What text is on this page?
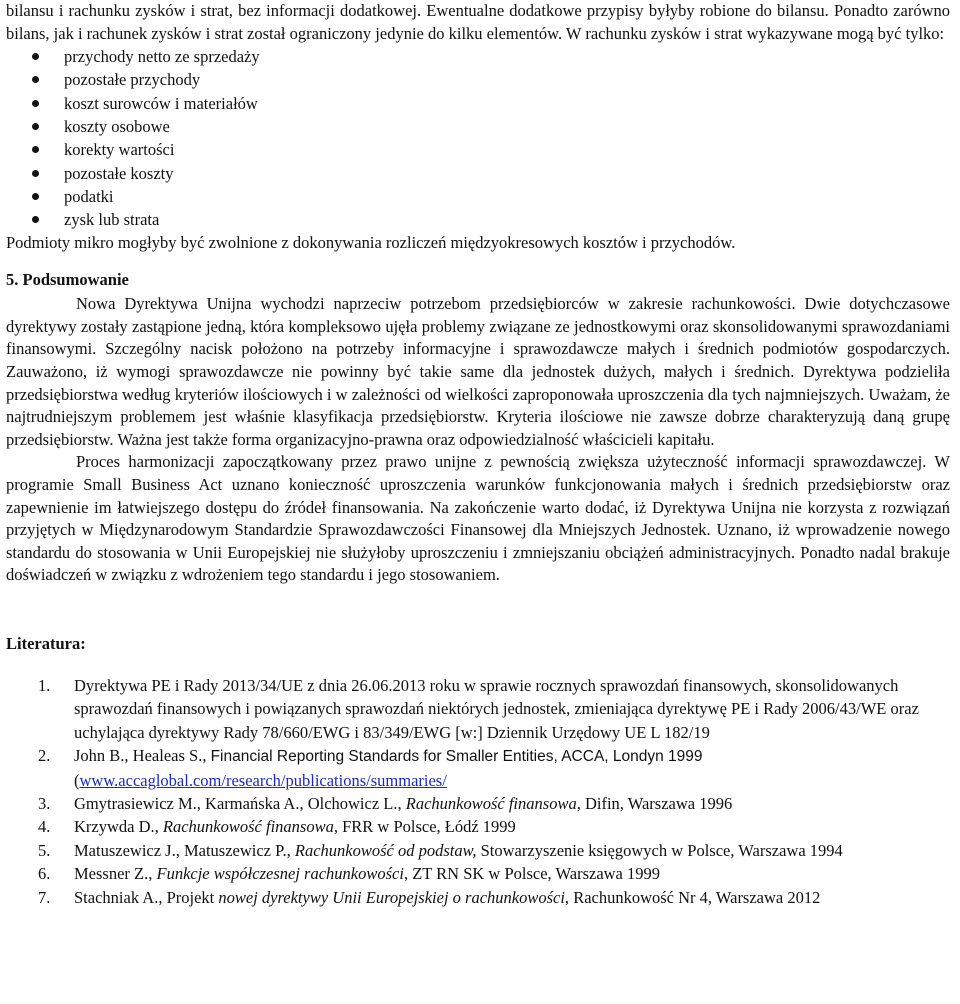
bilansu i rachunku zysków i strat, bez informacji dodatkowej. Ewentualne dodatkowe przypisy byłyby robione do bilansu. Ponadto zarówno bilans, jak i rachunek zysków i strat został ograniczony jedynie do kilku elementów. W rachunku zysków i strat wykazywane mogą być tylko:

przychody netto ze sprzedaży
pozostałe przychody
koszt surowców i materiałów
koszty osobowe
korekty wartości
pozostałe koszty
podatki
zysk lub strata

Podmioty mikro mogłyby być zwolnione z dokonywania rozliczeń międzyokresowych kosztów i przychodów.

5. Podsumowanie

Nowa Dyrektywa Unijna wychodzi naprzeciw potrzebom przedsiębiorców w zakresie rachunkowości. Dwie dotychczasowe dyrektywy zostały zastąpione jedną, która kompleksowo ujęła problemy związane ze jednostkowymi oraz skonsolidowanymi sprawozdaniami finansowymi. Szczególny nacisk położono na potrzeby informacyjne i sprawozdawcze małych i średnich podmiotów gospodarczych. Zauważono, iż wymogi sprawozdawcze nie powinny być takie same dla jednostek dużych, małych i średnich. Dyrektywa podzieliła przedsiębiorstwa według kryteriów ilościowych i w zależności od wielkości zaproponowała uproszczenia dla tych najmniejszych. Uważam, że najtrudniejszym problemem jest właśnie klasyfikacja przedsiębiorstw. Kryteria ilościowe nie zawsze dobrze charakteryzują daną grupę przedsiębiorstw. Ważna jest także forma organizacyjno-prawna oraz odpowiedzialność właścicieli kapitału.

Proces harmonizacji zapoczątkowany przez prawo unijne z pewnością zwiększa użyteczność informacji sprawozdawczej. W programie Small Business Act uznano konieczność uproszczenia warunków funkcjonowania małych i średnich przedsiębiorstw oraz zapewnienie im łatwiejszego dostępu do źródeł finansowania. Na zakończenie warto dodać, iż Dyrektywa Unijna nie korzysta z rozwiązań przyjętych w Międzynarodowym Standardzie Sprawozdawczości Finansowej dla Mniejszych Jednostek. Uznano, iż wprowadzenie nowego standardu do stosowania w Unii Europejskiej nie służyłoby uproszczeniu i zmniejszaniu obciążeń administracyjnych. Ponadto nadal brakuje doświadczeń w związku z wdrożeniem tego standardu i jego stosowaniem.

Literatura:
1. Dyrektywa PE i Rady 2013/34/UE z dnia 26.06.2013 roku w sprawie rocznych sprawozdań finansowych, skonsolidowanych sprawozdań finansowych i powiązanych sprawozdań niektórych jednostek, zmieniająca dyrektywę PE i Rady 2006/43/WE oraz uchylająca dyrektywy Rady 78/660/EWG i 83/349/EWG [w:] Dziennik Urzędowy UE L 182/19
2. John B., Healeas S., Financial Reporting Standards for Smaller Entities, ACCA, Londyn 1999
(www.accaglobal.com/research/publications/summaries/
3. Gmytrasiewicz M., Karmańska A., Olchowicz L., Rachunkowość finansowa, Difin, Warszawa 1996
4. Krzywda D., Rachunkowość finansowa, FRR w Polsce, Łódź 1999
5. Matuszewicz J., Matuszewicz P., Rachunkowość od podstaw, Stowarzyszenie księgowych w Polsce, Warszawa 1994
6. Messner Z., Funkcje współczesnej rachunkowości, ZT RN SK w Polsce, Warszawa 1999
7. Stachniak A., Projekt nowej dyrektywy Unii Europejskiej o rachunkowości, Rachunkowość Nr 4, Warszawa 2012
